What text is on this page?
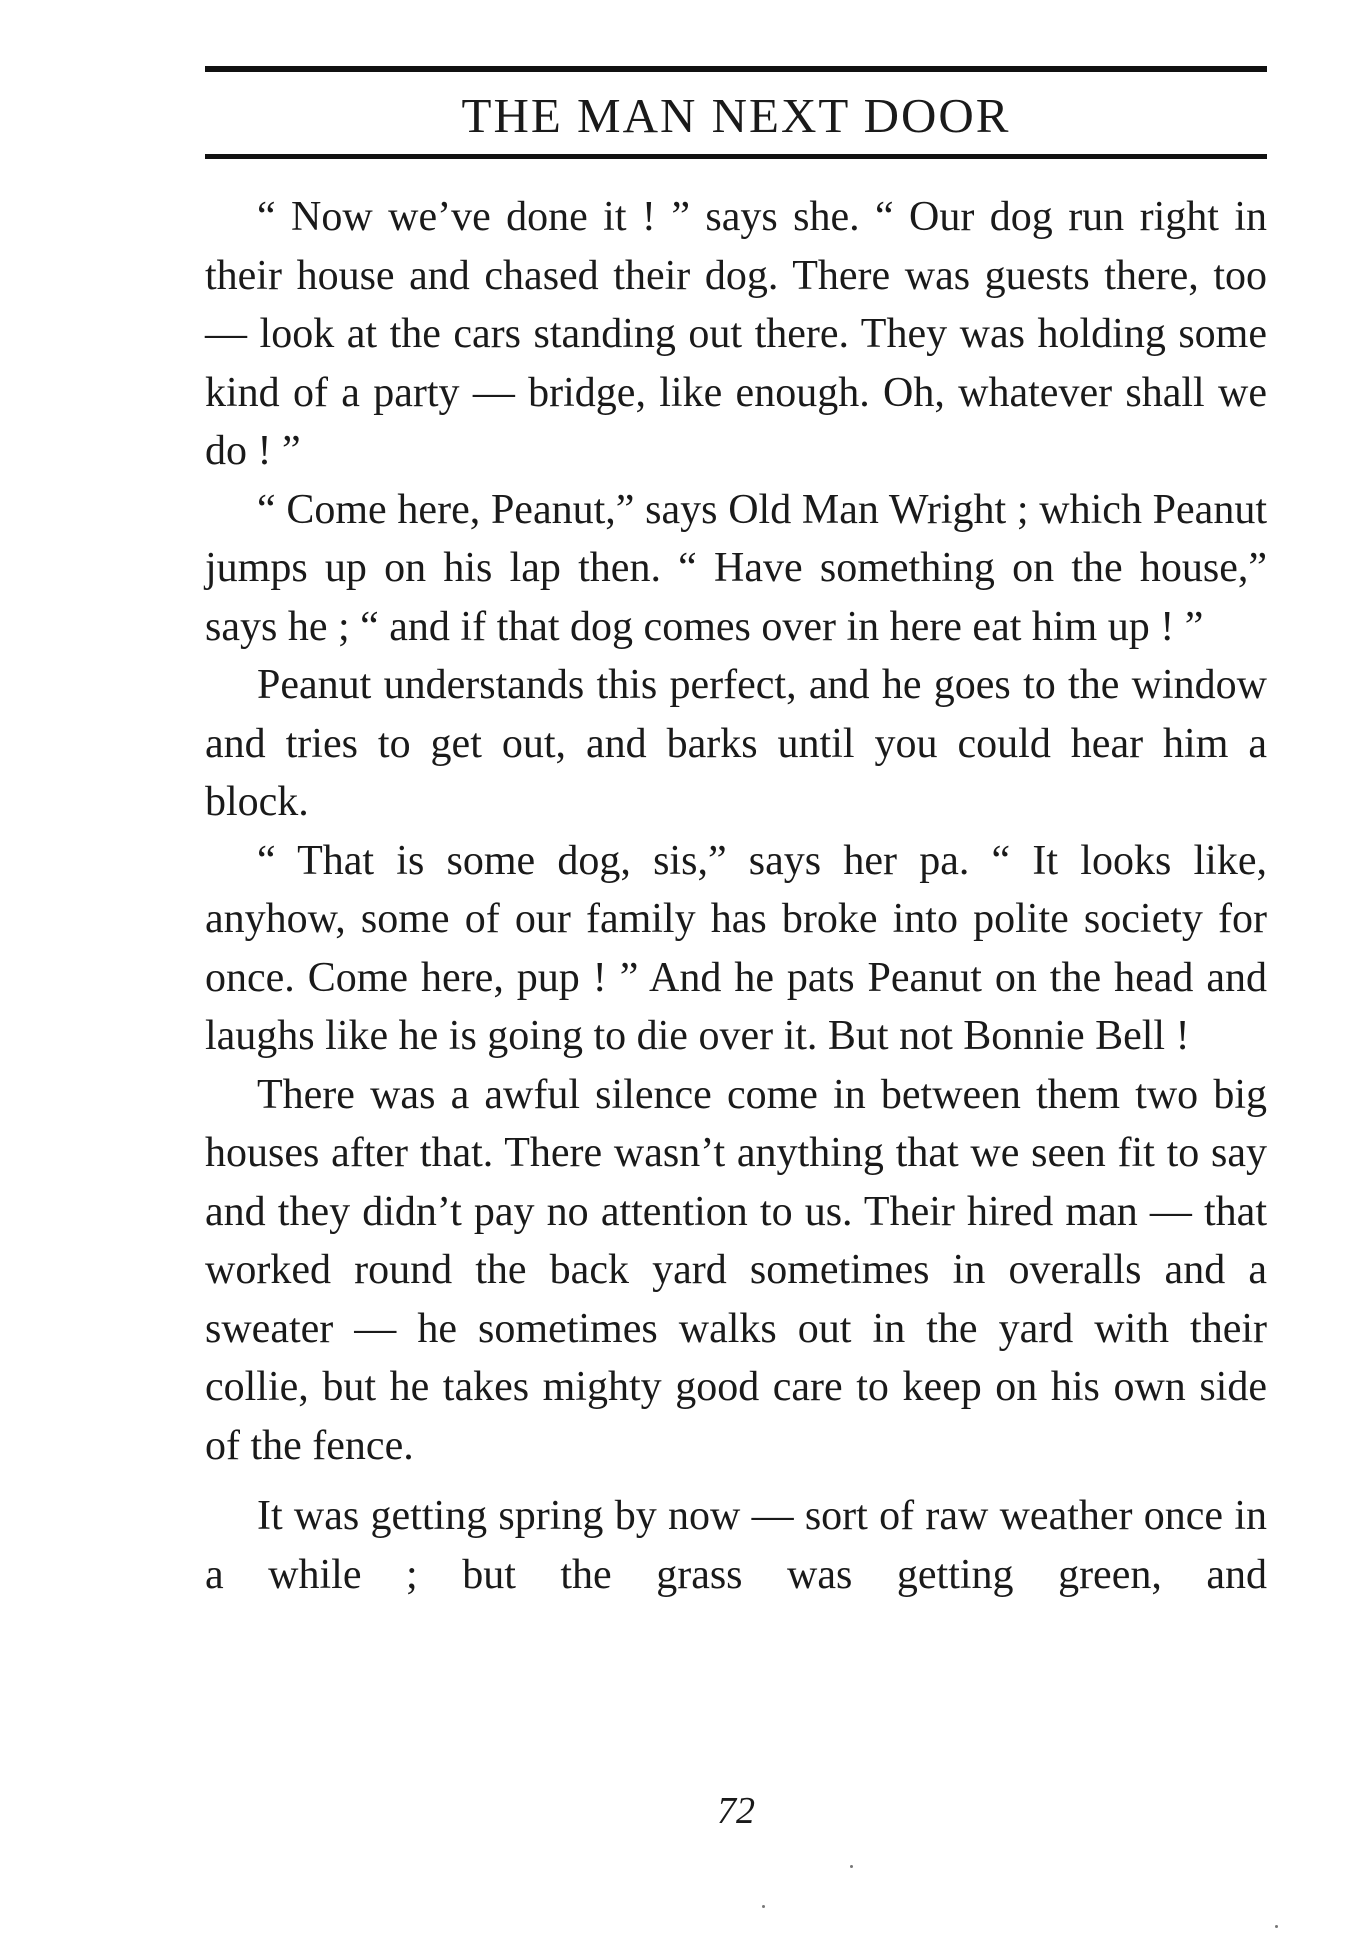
THE MAN NEXT DOOR

“ Now we’ve done it ! ” says she. “ Our dog run right in their house and chased their dog. There was guests there, too — look at the cars standing out there. They was holding some kind of a party — bridge, like enough. Oh, whatever shall we do ! ”

“ Come here, Peanut,” says Old Man Wright ; which Peanut jumps up on his lap then. “ Have something on the house,” says he ; “ and if that dog comes over in here eat him up ! ”

Peanut understands this perfect, and he goes to the window and tries to get out, and barks until you could hear him a block.

“ That is some dog, sis,” says her pa. “ It looks like, anyhow, some of our family has broke into polite society for once. Come here, pup ! ” And he pats Peanut on the head and laughs like he is going to die over it. But not Bonnie Bell !

There was a awful silence come in between them two big houses after that. There wasn’t anything that we seen fit to say and they didn’t pay no attention to us. Their hired man — that worked round the back yard sometimes in overalls and a sweater — he sometimes walks out in the yard with their collie, but he takes mighty good care to keep on his own side of the fence.

It was getting spring by now — sort of raw weather once in a while ; but the grass was getting green, and

72
